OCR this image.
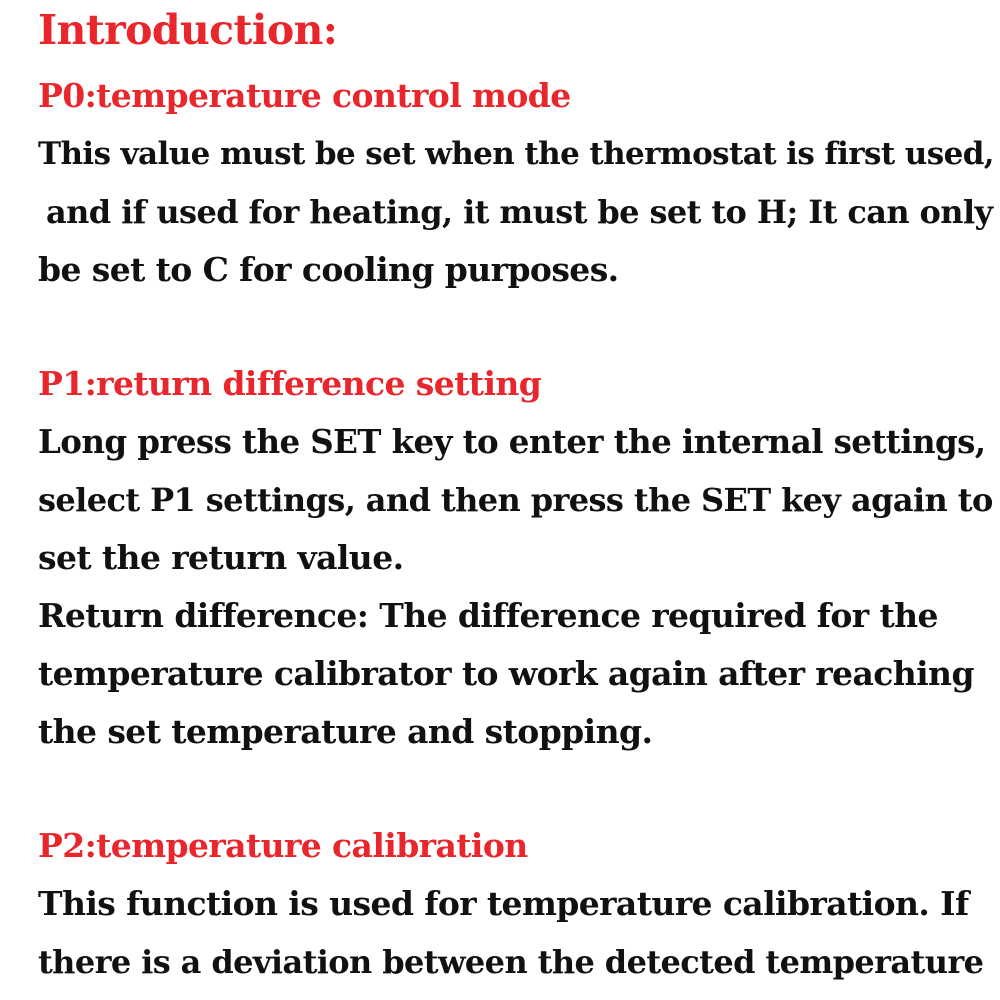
Introduction:
P0:temperature control mode
This value must be set when the thermostat is first used,
and if used for heating, it must be set to H; It can only
be set to C for cooling purposes.
P1:return difference setting
Long press the SET key to enter the internal settings,
select P1 settings, and then press the SET key again to
set the return value.
Return difference: The difference required for the
temperature calibrator to work again after reaching
the set temperature and stopping.
P2:temperature calibration
This function is used for temperature calibration. If
there is a deviation between the detected temperature
